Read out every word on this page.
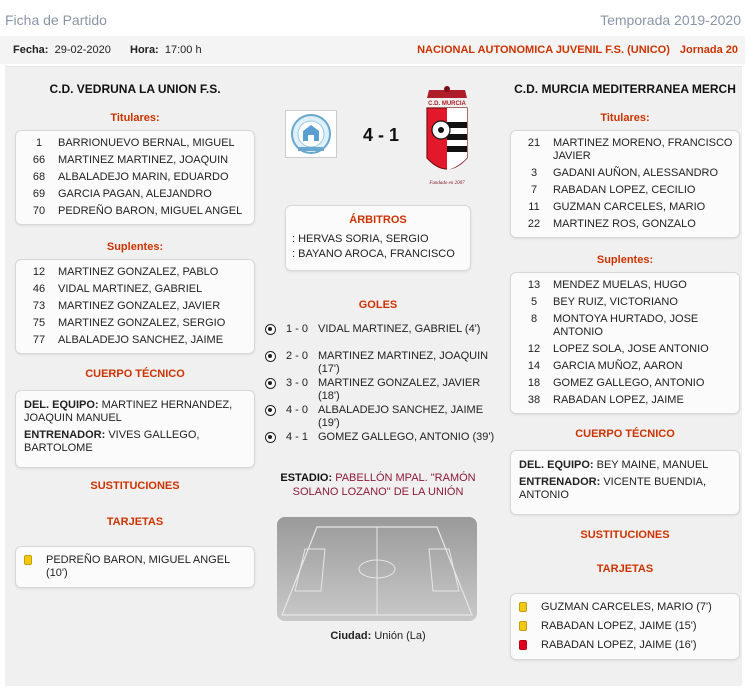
Ficha de Partido	Temporada 2019-2020
Fecha: 29-02-2020 Hora: 17:00 h	NACIONAL AUTONOMICA JUVENIL F.S. (UNICO) Jornada 20
C.D. VEDRUNA LA UNION F.S.
Titulares:
1	BARRIONUEVO BERNAL, MIGUEL
66	MARTINEZ MARTINEZ, JOAQUIN
68	ALBALADEJO MARIN, EDUARDO
69	GARCIA PAGAN, ALEJANDRO
70	PEDREÑO BARON, MIGUEL ANGEL
Suplentes:
12	MARTINEZ GONZALEZ, PABLO
46	VIDAL MARTINEZ, GABRIEL
73	MARTINEZ GONZALEZ, JAVIER
75	MARTINEZ GONZALEZ, SERGIO
77	ALBALADEJO SANCHEZ, JAIME
CUERPO TÉCNICO

DEL. EQUIPO: MARTINEZ HERNANDEZ, JOAQUIN MANUEL

ENTRENADOR: VIVES GALLEGO, BARTOLOME

SUSTITUCIONES
TARJETAS
PEDREÑO BARON, MIGUEL ANGEL (10')
4 - 1
C.D. MURCIA
Fundado en 2007
ÁRBITROS
: HERVAS SORIA, SERGIO
: BAYANO AROCA, FRANCISCO
GOLES
1 - 0 VIDAL MARTINEZ, GABRIEL (4')
2 - 0 MARTINEZ MARTINEZ, JOAQUIN (17')
3 - 0 MARTINEZ GONZALEZ, JAVIER (18')
4 - 0 ALBALADEJO SANCHEZ, JAIME (19')
4 - 1 GOMEZ GALLEGO, ANTONIO (39')
ESTADIO: PABELLÓN MPAL. "RAMÓN SOLANO LOZANO" DE LA UNIÓN
Ciudad: Unión (La)
C.D. MURCIA MEDITERRANEA MERCH
Titulares:
21	MARTINEZ MORENO, FRANCISCO JAVIER
3	GADANI AUÑON, ALESSANDRO
7	RABADAN LOPEZ, CECILIO
11	GUZMAN CARCELES, MARIO
22	MARTINEZ ROS, GONZALO
Suplentes:
13	MENDEZ MUELAS, HUGO
5	BEY RUIZ, VICTORIANO
8	MONTOYA HURTADO, JOSE ANTONIO
12	LOPEZ SOLA, JOSE ANTONIO
14	GARCIA MUÑOZ, AARON
18	GOMEZ GALLEGO, ANTONIO
38	RABADAN LOPEZ, JAIME
CUERPO TÉCNICO

DEL. EQUIPO: BEY MAINE, MANUEL

ENTRENADOR: VICENTE BUENDIA, ANTONIO

SUSTITUCIONES
TARJETAS
GUZMAN CARCELES, MARIO (7')
RABADAN LOPEZ, JAIME (15')
RABADAN LOPEZ, JAIME (16')
